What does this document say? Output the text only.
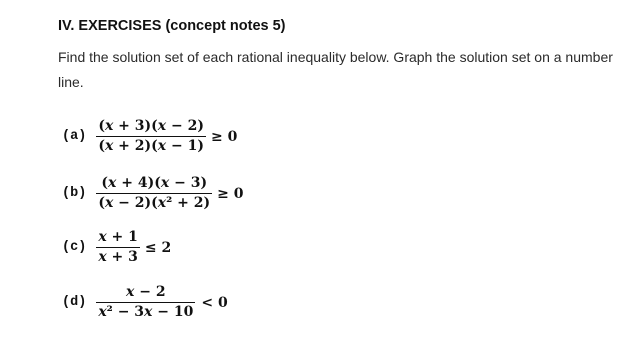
IV. EXERCISES (concept notes 5)
Find the solution set of each rational inequality below. Graph the solution set on a number line.
$(a) \frac{(x + 3)(x - 2)}{(x + 2)(x - 1)} \ge 0$
$(b) \frac{(x + 4)(x - 3)}{\text{(x − 2)(x² + 2)}} \ge 0$
$(c) \frac{x + 1}{x + 3} \le 2$
$(d) \frac{x - 2}{\text{x² − 3x − 10}} < 0$
